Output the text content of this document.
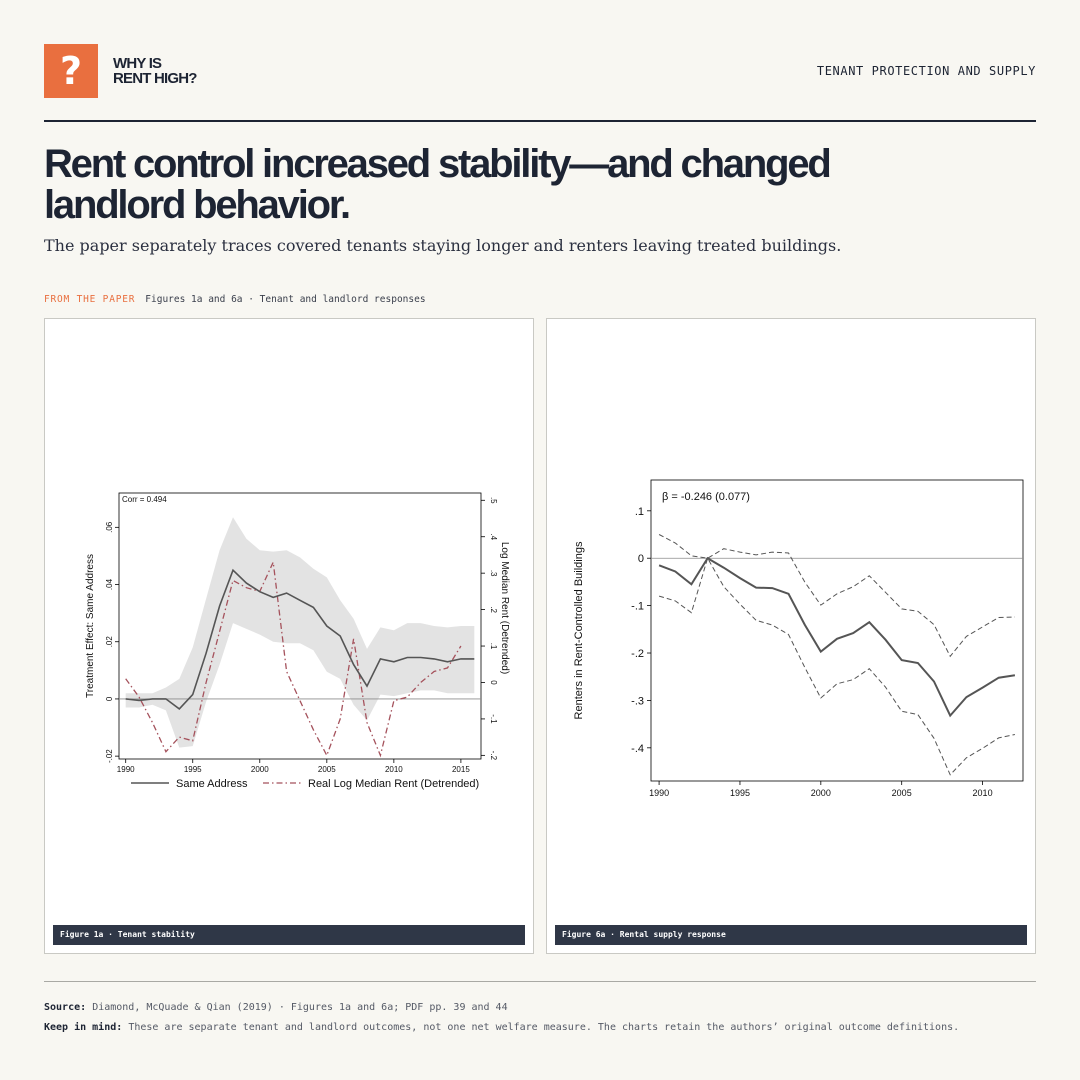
? WHY IS
RENT HIGH?	TENANT PROTECTION AND SUPPLY
Rent control increased stability—and changed landlord behavior.

The paper separately traces covered tenants staying longer and renters leaving treated buildings.

FROM THE PAPER Figures 1a and 6a · Tenant and landlord responses
-.02
0
.02
.04
.06
-.2
-.1
0
.1
.2
.3
.4
.5
1990	1995	2000	2005	2010	2015
Treatment Effect: Same Address	Log Median Rent (Detrended)
Corr = 0.494
Same Address	Real Log Median Rent (Detrended)
Figure 1a · Tenant stability
.1
0
-.1
-.2
-.3
-.4
1990	1995	2000	2005	2010
Renters in Rent-Controlled Buildings
β = -0.246 (0.077)
Figure 6a · Rental supply response
Source: Diamond, McQuade & Qian (2019) · Figures 1a and 6a; PDF pp. 39 and 44
Keep in mind: These are separate tenant and landlord outcomes, not one net welfare measure. The charts retain the authors’ original outcome definitions.
